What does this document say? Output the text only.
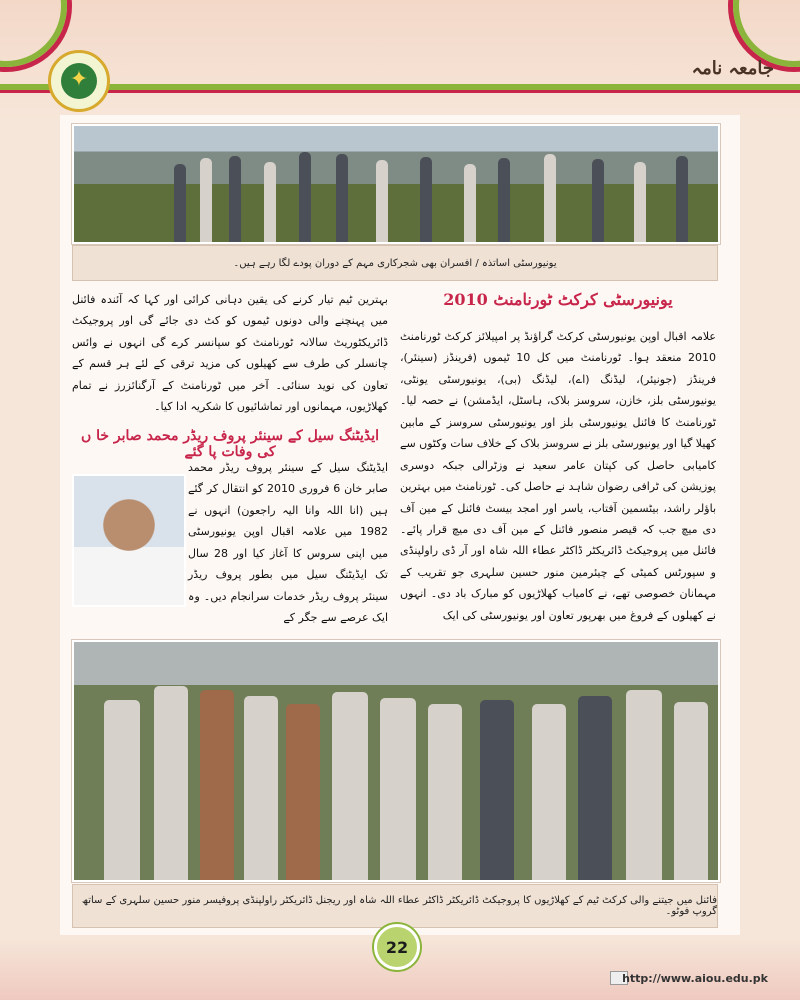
✦	جامعہ نامہ
یونیورسٹی اساتذہ / افسران بھی شجرکاری مہم کے دوران پودے لگا رہے ہیں۔
بہترین ٹیم تیار کرنے کی یقین دہانی کرائی اور کہا کہ آئندہ فائنل میں پہنچنے والی دونوں ٹیموں کو کٹ دی جائے گی اور پروجیکٹ ڈائریکٹوریٹ سالانہ ٹورنامنٹ کو سپانسر کرے گی انہوں نے وائس چانسلر کی طرف سے کھیلوں کی مزید ترقی کے لئے ہر قسم کے تعاون کی نوید سنائی۔ آخر میں ٹورنامنٹ کے آرگنائزرز نے تمام کھلاڑیوں، مہمانوں اور تماشائیوں کا شکریہ ادا کیا۔
یونیورسٹی کرکٹ ٹورنامنٹ 2010
علامہ اقبال اوپن یونیورسٹی کرکٹ گراؤنڈ پر امپیلائز کرکٹ ٹورنامنٹ 2010 منعقد ہوا۔ ٹورنامنٹ میں کل 10 ٹیموں (فرینڈز (سینئر)، فرینڈز (جونیئر)، لیڈنگ (اے)، لیڈنگ (بی)، یونیورسٹی یونٹی، یونیورسٹی بلز، خازن، سروسز بلاک، ہاسٹل، ایڈمشن) نے حصہ لیا۔ ٹورنامنٹ کا فائنل یونیورسٹی بلز اور یونیورسٹی سروسز کے مابین کھیلا گیا اور یونیورسٹی بلز نے سروسز بلاک کے خلاف سات وکٹوں سے کامیابی حاصل کی کپتان عامر سعید نے وزٹرالی جبکہ دوسری پوزیشن کی ٹرافی رضوان شاہد نے حاصل کی۔ ٹورنامنٹ میں بہترین باؤلر راشد، بیٹسمین آفتاب، یاسر اور امجد بیسٹ فائنل کے مین آف دی میچ جب کہ قیصر منصور فائنل کے مین آف دی میچ قرار پائے۔ فائنل میں پروجیکٹ ڈائریکٹر ڈاکٹر عطاء اللہ شاہ اور آر ڈی راولپنڈی و سپورٹس کمیٹی کے چیئرمین منور حسین سلہری جو تقریب کے مہمانان خصوصی تھے، نے کامیاب کھلاڑیوں کو مبارک باد دی۔ انہوں نے کھیلوں کے فروغ میں بھرپور تعاون اور یونیورسٹی کی ایک
ایڈیٹنگ سیل کے سینئر پروف ریڈر محمد صابر خا ں کی وفات پا گئے
ایڈیٹنگ سیل کے سینئر پروف ریڈر محمد صابر خان 6 فروری 2010 کو انتقال کر گئے ہیں (انا اللہ وانا الیہ راجعون) انہوں نے 1982 میں علامہ اقبال اوپن یونیورسٹی میں اپنی سروس کا آغاز کیا اور 28 سال تک ایڈیٹنگ سیل میں بطور پروف ریڈر سینئر پروف ریڈر خدمات سرانجام دیں۔ وہ ایک عرصے سے جگر کے
فائنل میں جیتنے والی کرکٹ ٹیم کے کھلاڑیوں کا پروجیکٹ ڈائریکٹر ڈاکٹر عطاء اللہ شاہ اور ریجنل ڈائریکٹر راولپنڈی پروفیسر منور حسین سلہری کے ساتھ گروپ فوٹو۔
22
http://www.aiou.edu.pk
